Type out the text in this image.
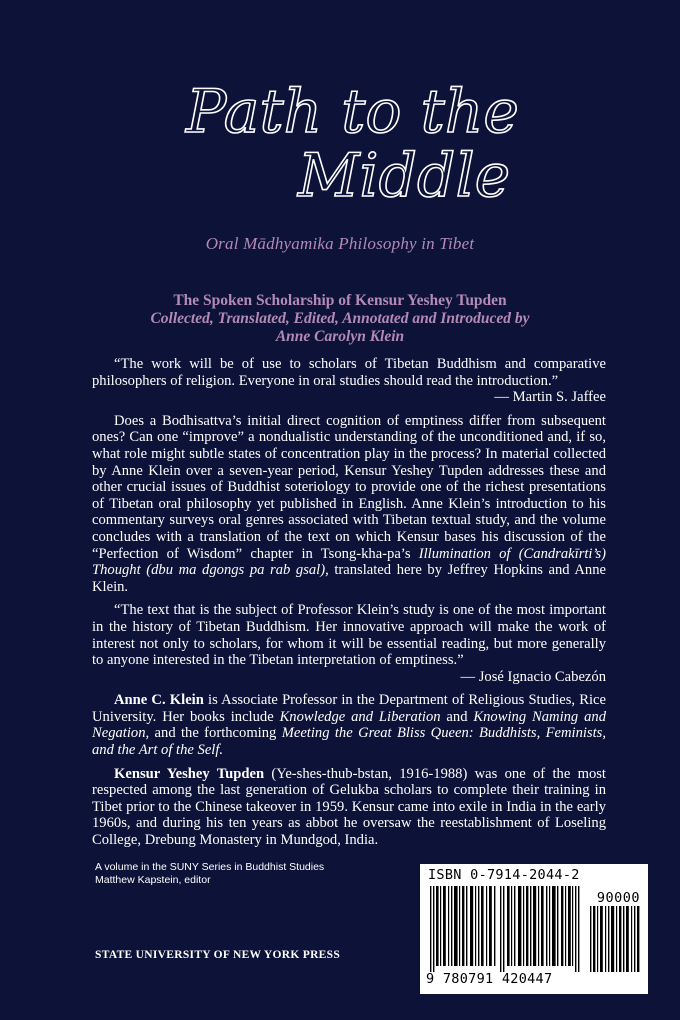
Path to the
Middle
Oral Mādhyamika Philosophy in Tibet
The Spoken Scholarship of Kensur Yeshey Tupden
Collected, Translated, Edited, Annotated and Introduced by
Anne Carolyn Klein

“The work will be of use to scholars of Tibetan Buddhism and comparative philosophers of religion. Everyone in oral studies should read the introduction.”
— Martin S. Jaffee

Does a Bodhisattva’s initial direct cognition of emptiness differ from subsequent ones? Can one “improve” a nondualistic understanding of the unconditioned and, if so, what role might subtle states of concentration play in the process? In material collected by Anne Klein over a seven-year period, Kensur Yeshey Tupden addresses these and other crucial issues of Buddhist soteriology to provide one of the richest presentations of Tibetan oral philosophy yet published in English. Anne Klein’s introduction to his commentary surveys oral genres associated with Tibetan textual study, and the volume concludes with a translation of the text on which Kensur bases his discussion of the “Perfection of Wisdom” chapter in Tsong-kha-pa’s Illumination of (Candrakīrti’s) Thought (dbu ma dgongs pa rab gsal), translated here by Jeffrey Hopkins and Anne Klein.

“The text that is the subject of Professor Klein’s study is one of the most important in the history of Tibetan Buddhism. Her innovative approach will make the work of interest not only to scholars, for whom it will be essential reading, but more generally to anyone interested in the Tibetan interpretation of emptiness.”
— José Ignacio Cabezón

Anne C. Klein is Associate Professor in the Department of Religious Studies, Rice University. Her books include Knowledge and Liberation and Knowing Naming and Negation, and the forthcoming Meeting the Great Bliss Queen: Buddhists, Feminists, and the Art of the Self.

Kensur Yeshey Tupden (Ye-shes-thub-bstan, 1916-1988) was one of the most respected among the last generation of Gelukba scholars to complete their training in Tibet prior to the Chinese takeover in 1959. Kensur came into exile in India in the early 1960s, and during his ten years as abbot he oversaw the reestablishment of Loseling College, Drebung Monastery in Mundgod, India.

A volume in the SUNY Series in Buddhist Studies
Matthew Kapstein, editor
STATE UNIVERSITY OF NEW YORK PRESS
ISBN 0-7914-2044-2
90000
9 780791 420447
